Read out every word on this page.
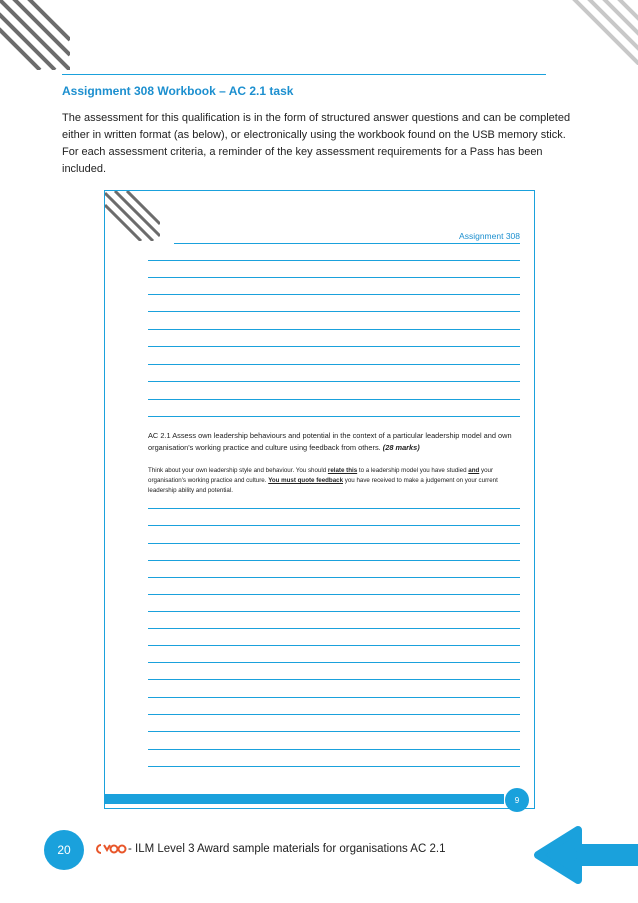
Assignment 308 Workbook – AC 2.1 task
The assessment for this qualification is in the form of structured answer questions and can be completed either in written format (as below), or electronically using the workbook found on the USB memory stick. For each assessment criteria, a reminder of the key assessment requirements for a Pass has been included.
Assignment 308
AC 2.1 Assess own leadership behaviours and potential in the context of a particular leadership model and own organisation's working practice and culture using feedback from others. (28 marks)
Think about your own leadership style and behaviour. You should relate this to a leadership model you have studied and your organisation's working practice and culture. You must quote feedback you have received to make a judgement on your current leadership ability and potential.
9
20	- ILM Level 3 Award sample materials for organisations AC 2.1
